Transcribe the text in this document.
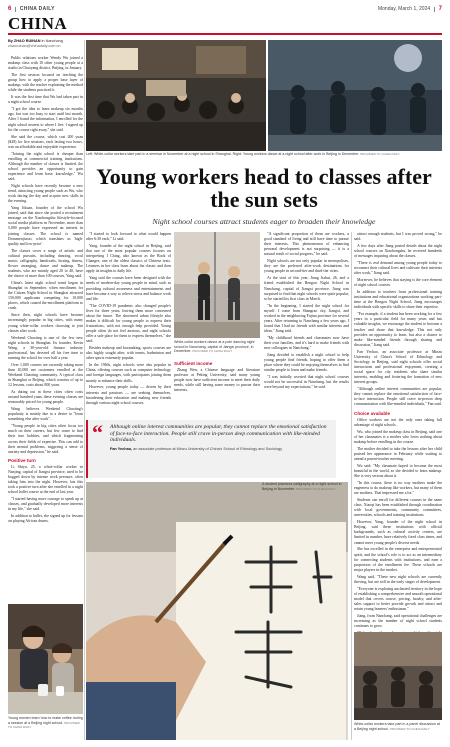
6 CHINA DAILY	Monday, March 1, 2024 7
CHINA
By ZHAO RUINAN in Nanchang
zhaoruinan@chinadaily.com.cn

Public relations worker Wendy Wu joined a makeup class with 10 other young people at a studio in Chaoyang district, Beijing, in January.

The first session focused on teaching the group how to apply a proper base layer of makeup, with the teacher explaining the method while the students practiced it.

It was the first time that Wu had taken part in a night school course.

"I got the idea to learn makeup six months ago, but was too busy to start until last month. After I found the information, I enrolled for the night school nearest to where I live. I signed up for the course right away," she said.

She said the course, which cost 200 yuan ($28) for five sessions, each lasting two hours, was an affordable and enjoyable experience.

"Joining the night school is cheaper than enrolling at commercial training institutions. Although the number of classes is limited, the school provides an opportunity to gain experience and learn basic knowledge," Wu said.

Night schools have recently become a new trend, attracting young people such as Wu, who work during the day and acquire new skills in the evening.

Yang Jikuan, founder of the school Wu joined, said that since she posted a recruitment message on the Xiaohongshu lifestyle-focused social media platform in November, more than 5,000 people have expressed an interest in joining classes. The school is named Dorumenjiaoxi, which translates as 'high-quality and low-price'.

The classes cover a range of artistic and cultural pursuits, including dancing, vocal music, calligraphy, handcrafts, boxing, fitness, flower arranging, dance and makeup. The students, who are mainly aged 20 to 40, have the choice of more than 100 courses, Yang said.

China's latest night school trend began in Shanghai in September, when enrollment for the Citizen Night School in Shanghai attracted 150,000 applicants competing for 10,000 places, which caused the enrollment platform to crash.

Since then, night schools have become increasingly popular in big cities, with many young white-collar workers choosing to join classes after work.

Weekend Chaoting is one of the few new night schools in Shanghai. Its founder, Kevin Wang, a 30-year-old finance industry professional, has devoted all his free time to running the school for over half a year.

Over 1,000 courses are currently taking more than 10,000 net customers enrolled at the Weekend Chaoting community. A typical class in Shanghai or Beijing, which consists of up to 12 lessons, costs about 800 yuan.

As dating out in these cities often costs around hundred yuan, these evening classes are reasonably priced for young people.

Wang believes Weekend Chaoting's popularity is mainly due to a desire to "learn something else after work".

"Young people in big cities often focus too much on their careers, but few come to find their true hobbies, and which fragmenting across their fields of expertise. This can add to their mental problems, triggering a sense of anxiety and depression," he said.

Positive turn

Li Shiyu, 25, a white-collar worker in Nanjing, capital of Jiangxi province, used to be bogged down by intense work pressure, often taking him into the night. However, last this took a positive turn after she enrolled in a night school ballet course at the end of last year.

"I started having more courage to speak up at classes, and gradually developed more interests in my life," she said.

In addition to ballet, she signed up for lessons on playing African drums.

Young women learn how to make coffee during a session at a Beijing night school. PROVIDED TO CHINA DAILY
Left: White-collar workers take part in a seminar in November at a night school in Shanghai. Right: Young workers dance at a night school after work in Beijing in December. PROVIDED TO CHINA DAILY
Young workers head to classes after the sun sets
Night school courses attract students eager to broaden their knowledge

"I started to look forward to what would happen after 6:30 each," Li said.

Yang, founder of the night school in Beijing, said that one of the most popular courses focuses on interpreting I Ching, also known as the Book of Changes, one of the oldest classics of Chinese texts. Learners in her class learn about the classic and then apply its insights to daily life.

Yang said the courses have been designed with the needs of modern-day young people in mind, such as providing cultural awareness and entertainment, and have become a way to relieve stress and balance work and life.

"The COVID-19 pandemic also changed people's lives for three years, leaving them more concerned about the future. The shortened urban lifestyle also makes it difficult for young people to express their frustrations, with not enough help provided. Young people often do not feel anxious, and night schools offer a safe place for them to express themselves," she said.

Besides makeup and boxmaking, sports courses are also highly sought after, with tennis, badminton and other sports extremely popular.

In the 1960s, night schools were also popular in China, offering courses such as computer technology and foreign languages, with participants joining them mainly to enhance their skills.

However, young people today — driven by their interests and passions — are seeking themselves, broadening their education and making new friends through various night school courses.

White-collar workers dance at a pole dancing night school in Nanchang, capital of Jiangxi province, in December. PROVIDED TO CHINA DAILY
Sufficient income

Zhang Wen, a Chinese language and literature professor at Peking University, said many young people now have sufficient income to meet their daily needs, while still having some money to pursue their interests.

"A significant proportion of them are workers, a good standard of living and still have time to pursue their interests. This phenomenon of enhancing personal development is not surprising — it is a natural result of social progress," he said.

Night schools are not only popular in metropolises, they are the preferred after-work destinations for young people in second-tier and third-tier cities.

At the start of this year, Jiang Jiahui, 26, and a friend established the Bengou Night School in Nanchang, capital of Jiangxi province. Jiang was surprised to find that night schools were quite popular, so he started his first class in March.

"In the beginning, I started the night school for myself. I come from Shangrao city, Jiangxi, and worked in the neighboring Fujian province for several years. After returning to Nanchang a few years ago, I found that I had no friends with similar interests and ideas," Jiang said.

"My childhood friends and classmates now have their own families, and it's hard to make friends with new colleagues in Nanchang."

Jiang decided to establish a night school to help young people find friends, hoping to offer them a place where they could be enjoying themselves to find similar people to learn and make friends.

"I was initially worried that night school courses would not be successful in Nanchang, but the results were beyond my expectations," he said.

attract enough students, but I was proved wrong," he said.

A few days after Jiang posted details about the night school courses on Xiaohongshu, he received hundreds of messages inquiring about the classes.

"There is real demand among young people today to reconnect their cultural lives and cultivate their interests after work," Jiang said.

Moreover, he believes that staying is the core element of night school courses.

In addition to teachers from professional training institutions and educational organizations working part-time at the Bengou Night School, Jiang encourages individuals with specific skills to share their expertise.

"For example, if a student has been working for a few years in a particular field for many years and has valuable insights, we encourage the student to become a teacher and share that knowledge. This not only provides an opportunity to learn, but also a chance to make like-minded friends through sharing and discussion," Jiang said.

Fan Yechao, an associate professor at Minzu University of China's School of Ethnology and Sociology in Beijing, said night schools offer social interactions and professional enjoyment, creating a social space for city residents who share similar interests, enabling and fostering the formation of new interest groups.

"Although online interest communities are popular, they cannot replace the emotional satisfaction of face-to-face interaction. People still crave in-person deep communication with like-minded individuals," Fan said.

Choice available

Office workers are not the only ones taking full advantage of night schools.

Wu, who joined the makeup class in Beijing, said one of her classmates is a mother who loves nothing about makeup before enrolling in the course.

The mother decided to take the lessons after her child praised her appearance in February while waiting to attend a parent-teacher meeting.

Wu said: "My classmate hoped to become the most beautiful in the world, so she decided to learn makeup. She is very serious about it.

"In this course, there is no way mothers make the eagerness to do makeup like workers, but many of them are mothers. That impressed me a lot."

Students can enroll for different courses in the same class. Xiaoqi has been established through coordination with local governments, community committees, universities, schools and training institutions.

However, Yang, founder of the night school in Beijing, said these institutions with official backgrounds, such as cultural activity centers, are limited in number, have relatively fixed class times, and cannot meet young people's diverse needs.

She has excelled in the enterprise and entrepreneurial spirit, and the school's role is to act as an intermediary for connecting students with institutions, and earn a proportion of the enrollment fee. These schools are major players in the market.

Wang said, "These new night schools are currently thriving, but are still in the early stages of development.

"Everyone is exploring uncharted territory in the hope of establishing a comprehensive and smooth operational model that covers course, pricing, faculty, and after-sales support to better provide growth and attract and retain young learners' enthusiasm."

Jiang, from Nanchang, said operational challenges are increasing as the number of night school students continues to grow.

“ Although online interest communities are popular, they cannot replace the emotional satisfaction of face-to-face interaction. People still crave in-person deep communication with like-minded individuals.
Fan Yechao, an associate professor at Minzu University of China's School of Ethnology and Sociology
A student practices calligraphy at a night school in Beijing in November. PROVIDED TO CHINA DAILY
White-collar workers take part in a panel discussion at a Beijing night school. PROVIDED TO CHINA DAILY
